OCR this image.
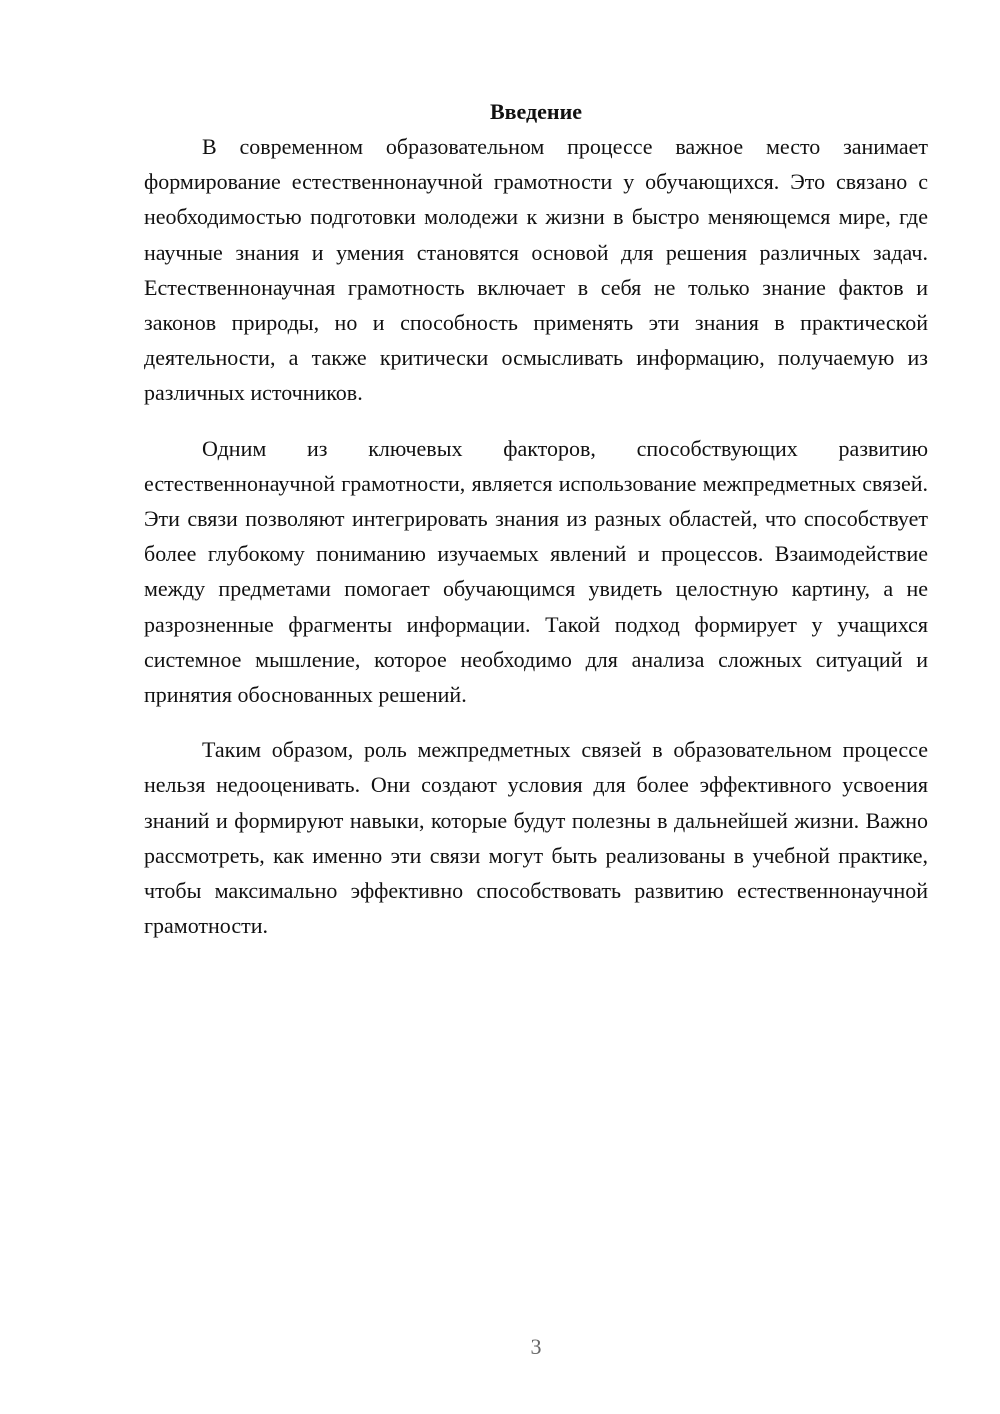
Введение

В современном образовательном процессе важное место занимает формирование естественнонаучной грамотности у обучающихся. Это связано с необходимостью подготовки молодежи к жизни в быстро меняющемся мире, где научные знания и умения становятся основой для решения различных задач. Естественнонаучная грамотность включает в себя не только знание фактов и законов природы, но и способность применять эти знания в практической деятельности, а также критически осмысливать информацию, получаемую из различных источников.

Одним из ключевых факторов, способствующих развитию естественнонаучной грамотности, является использование межпредметных связей. Эти связи позволяют интегрировать знания из разных областей, что способствует более глубокому пониманию изучаемых явлений и процессов. Взаимодействие между предметами помогает обучающимся увидеть целостную картину, а не разрозненные фрагменты информации. Такой подход формирует у учащихся системное мышление, которое необходимо для анализа сложных ситуаций и принятия обоснованных решений.

Таким образом, роль межпредметных связей в образовательном процессе нельзя недооценивать. Они создают условия для более эффективного усвоения знаний и формируют навыки, которые будут полезны в дальнейшей жизни. Важно рассмотреть, как именно эти связи могут быть реализованы в учебной практике, чтобы максимально эффективно способствовать развитию естественнонаучной грамотности.

3
